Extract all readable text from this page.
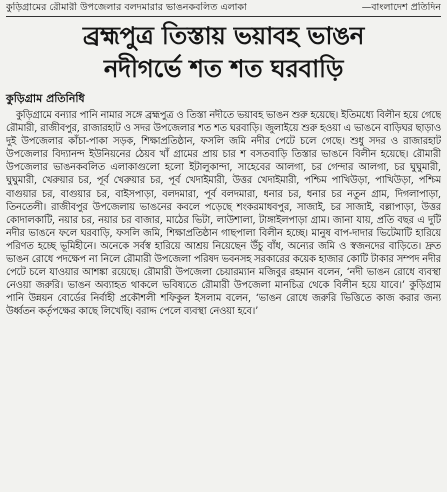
কুড়িগ্রামের রৌমারী উপজেলার বলদমারার ভাঙনকবলিত এলাকা	—বাংলাদেশ প্রতিদিন
ব্রহ্মপুত্র তিস্তায় ভয়াবহ ভাঙন
নদীগর্ভে শত শত ঘরবাড়ি
কুড়িগ্রাম প্রতিনিধি

কুড়িগ্রামে বন্যার পানি নামার সঙ্গে ব্রহ্মপুত্র ও তিস্তা নদীতে ভয়াবহ ভাঙন শুরু হয়েছে। ইতিমধ্যে বিলীন হয়ে গেছে রৌমারী, রাজীবপুর, রাজারহাট ও সদর উপজেলার শত শত ঘরবাড়ি। জুলাইয়ে শুরু হওয়া এ ভাঙনে বাড়িঘর ছাড়াও দুই উপজেলার কাঁচা-পাকা সড়ক, শিক্ষাপ্রতিষ্ঠান, ফসলি জমি নদীর পেটে চলে গেছে। শুধু সদর ও রাজারহাট উপজেলার বিদ্যানন্দ ইউনিয়নের ঠেয়ব খাঁ গ্রামের প্রায় চার শ বসতবাড়ি তিস্তার ভাঙনে বিলীন হয়েছে। রৌমারী উপজেলার ভাঙনকবলিত এলাকাগুলো হলো ইটালুকান্দা, সাহেবের আলগা, চর গেন্দার আলগা, চর ঘুঘুমারী, ঘুঘুমারী, খেরুয়ার চর, পূর্ব খেরুয়ার চর, পূর্ব খেদাইমারী, উত্তর খেদাইমারী, পশ্চিম পাখিউড়া, পাখিউড়া, পশ্চিম বাগুয়ার চর, বাগুয়ার চর, বাইসপাড়া, বলদমারা, পূর্ব বলদমারা, ধনার চর, ধনার চর নতুন গ্রাম, দিগলাপাড়া, তিনতেলী। রাজীবপুর উপজেলায় ভাঙনের কবলে পড়েছে শংকরমাধবপুর, সাজাই, চর সাজাই, বল্লাপাড়া, উত্তর কোদালকাটি, নয়ার চর, নয়ার চর বাজার, মাঠের ভিটা, লাউশালা, টাঙ্গাইলপাড়া গ্রাম। জানা যায়, প্রতি বছর এ দুটি নদীর ভাঙনে ফলে ঘরবাড়ি, ফসলি জমি, শিক্ষাপ্রতিষ্ঠান গাছপালা বিলীন হচ্ছে। মানুষ বাপ-দাদার ভিটেমাটি হারিয়ে পরিণত হচ্ছে ভূমিহীনে। অনেকে সর্বস্ব হারিয়ে আশ্রয় নিয়েছেন উঁচু বাঁধ, অন্যের জমি ও স্বজনদের বাড়িতে। দ্রুত ভাঙন রোধে পদক্ষেপ না নিলে রৌমারী উপজেলা পরিষদ ভবনসহ সরকারের কয়েক হাজার কোটি টাকার সম্পদ নদীর পেটে চলে যাওয়ার আশঙ্কা রয়েছে। রৌমারী উপজেলা চেয়ারম্যান মজিবুর রহমান বলেন, ‘নদী ভাঙন রোধে ব্যবস্থা নেওয়া জরুরি। ভাঙন অব্যাহত থাকলে ভবিষ্যতে রৌমারী উপজেলা মানচিত্র থেকে বিলীন হয়ে যাবে।’ কুড়িগ্রাম পানি উন্নয়ন বোর্ডের নির্বাহী প্রকৌশলী শফিকুল ইসলাম বলেন, ‘ভাঙন রোধে জরুরি ভিত্তিতে কাজ করার জন্য উর্ধ্বতন কর্তৃপক্ষের কাছে লিখেছি। বরাদ্দ পেলে ব্যবস্থা নেওয়া হবে।’
